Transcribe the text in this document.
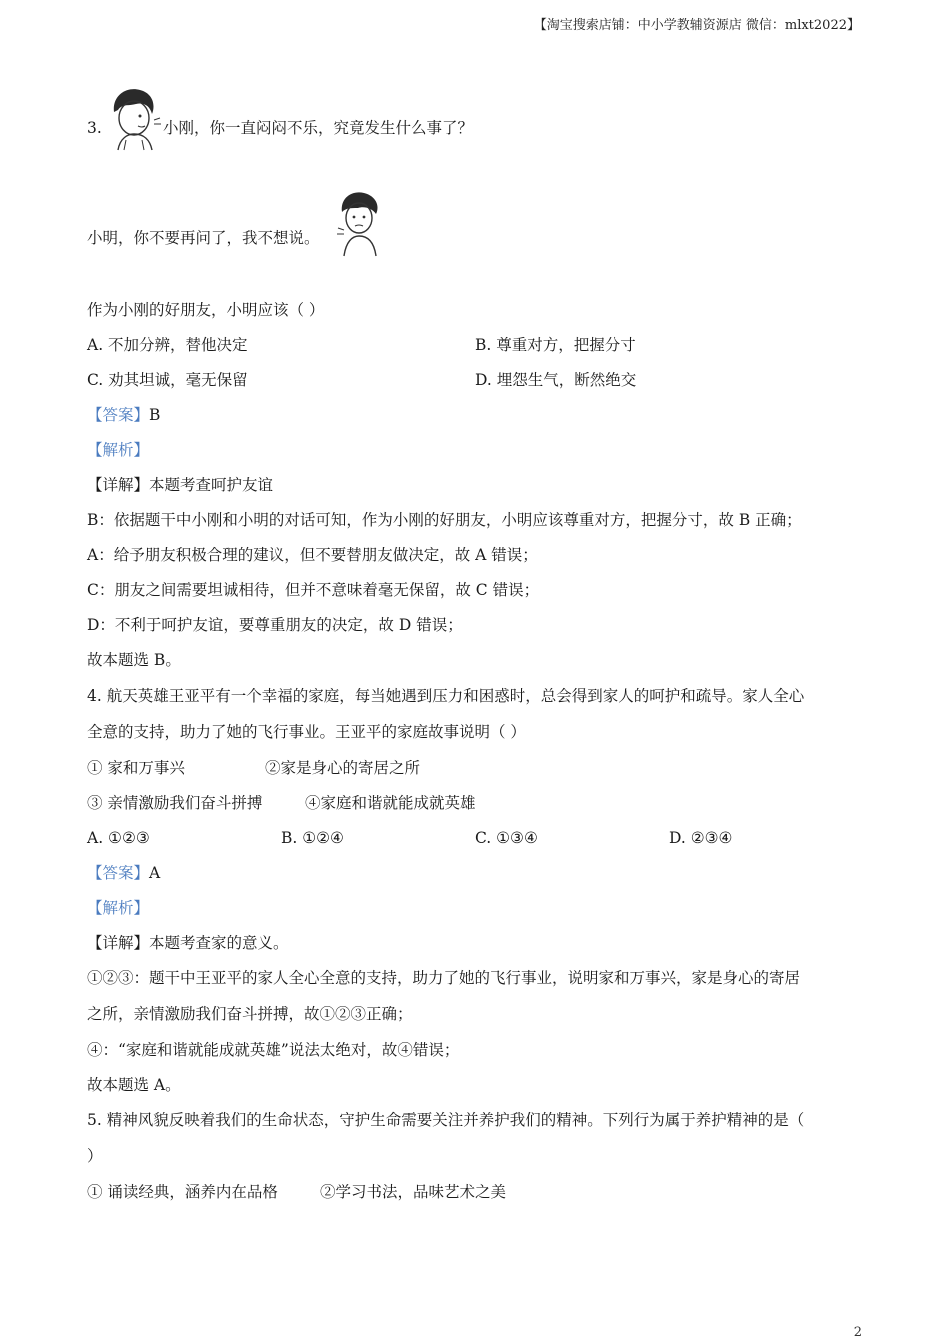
【淘宝搜索店铺：中小学教辅资源店 微信：mlxt2022】
3.	小刚，你一直闷闷不乐，究竟发生什么事了？
小明，你不要再问了，我不想说。
作为小刚的好朋友，小明应该（ ）
A. 不加分辨，替他决定	B. 尊重对方，把握分寸
C. 劝其坦诚，毫无保留	D. 埋怨生气，断然绝交
【答案】B
【解析】
【详解】本题考查呵护友谊
B：依据题干中小刚和小明的对话可知，作为小刚的好朋友，小明应该尊重对方，把握分寸，故 B 正确；
A：给予朋友积极合理的建议，但不要替朋友做决定，故 A 错误；
C：朋友之间需要坦诚相待，但并不意味着毫无保留，故 C 错误；
D：不利于呵护友谊，要尊重朋友的决定，故 D 错误；
故本题选 B。
4. 航天英雄王亚平有一个幸福的家庭，每当她遇到压力和困惑时，总会得到家人的呵护和疏导。家人全心
全意的支持，助力了她的飞行事业。王亚平的家庭故事说明（ ）
① 家和万事兴	②家是身心的寄居之所
③ 亲情激励我们奋斗拼搏	④家庭和谐就能成就英雄
A. ①②③	B. ①②④	C. ①③④	D. ②③④
【答案】A
【解析】
【详解】本题考查家的意义。
①②③：题干中王亚平的家人全心全意的支持，助力了她的飞行事业，说明家和万事兴，家是身心的寄居
之所，亲情激励我们奋斗拼搏，故①②③正确；
④：“家庭和谐就能成就英雄”说法太绝对，故④错误；
故本题选 A。
5. 精神风貌反映着我们的生命状态，守护生命需要关注并养护我们的精神。下列行为属于养护精神的是（
）
① 诵读经典，涵养内在品格	②学习书法，品味艺术之美
2
